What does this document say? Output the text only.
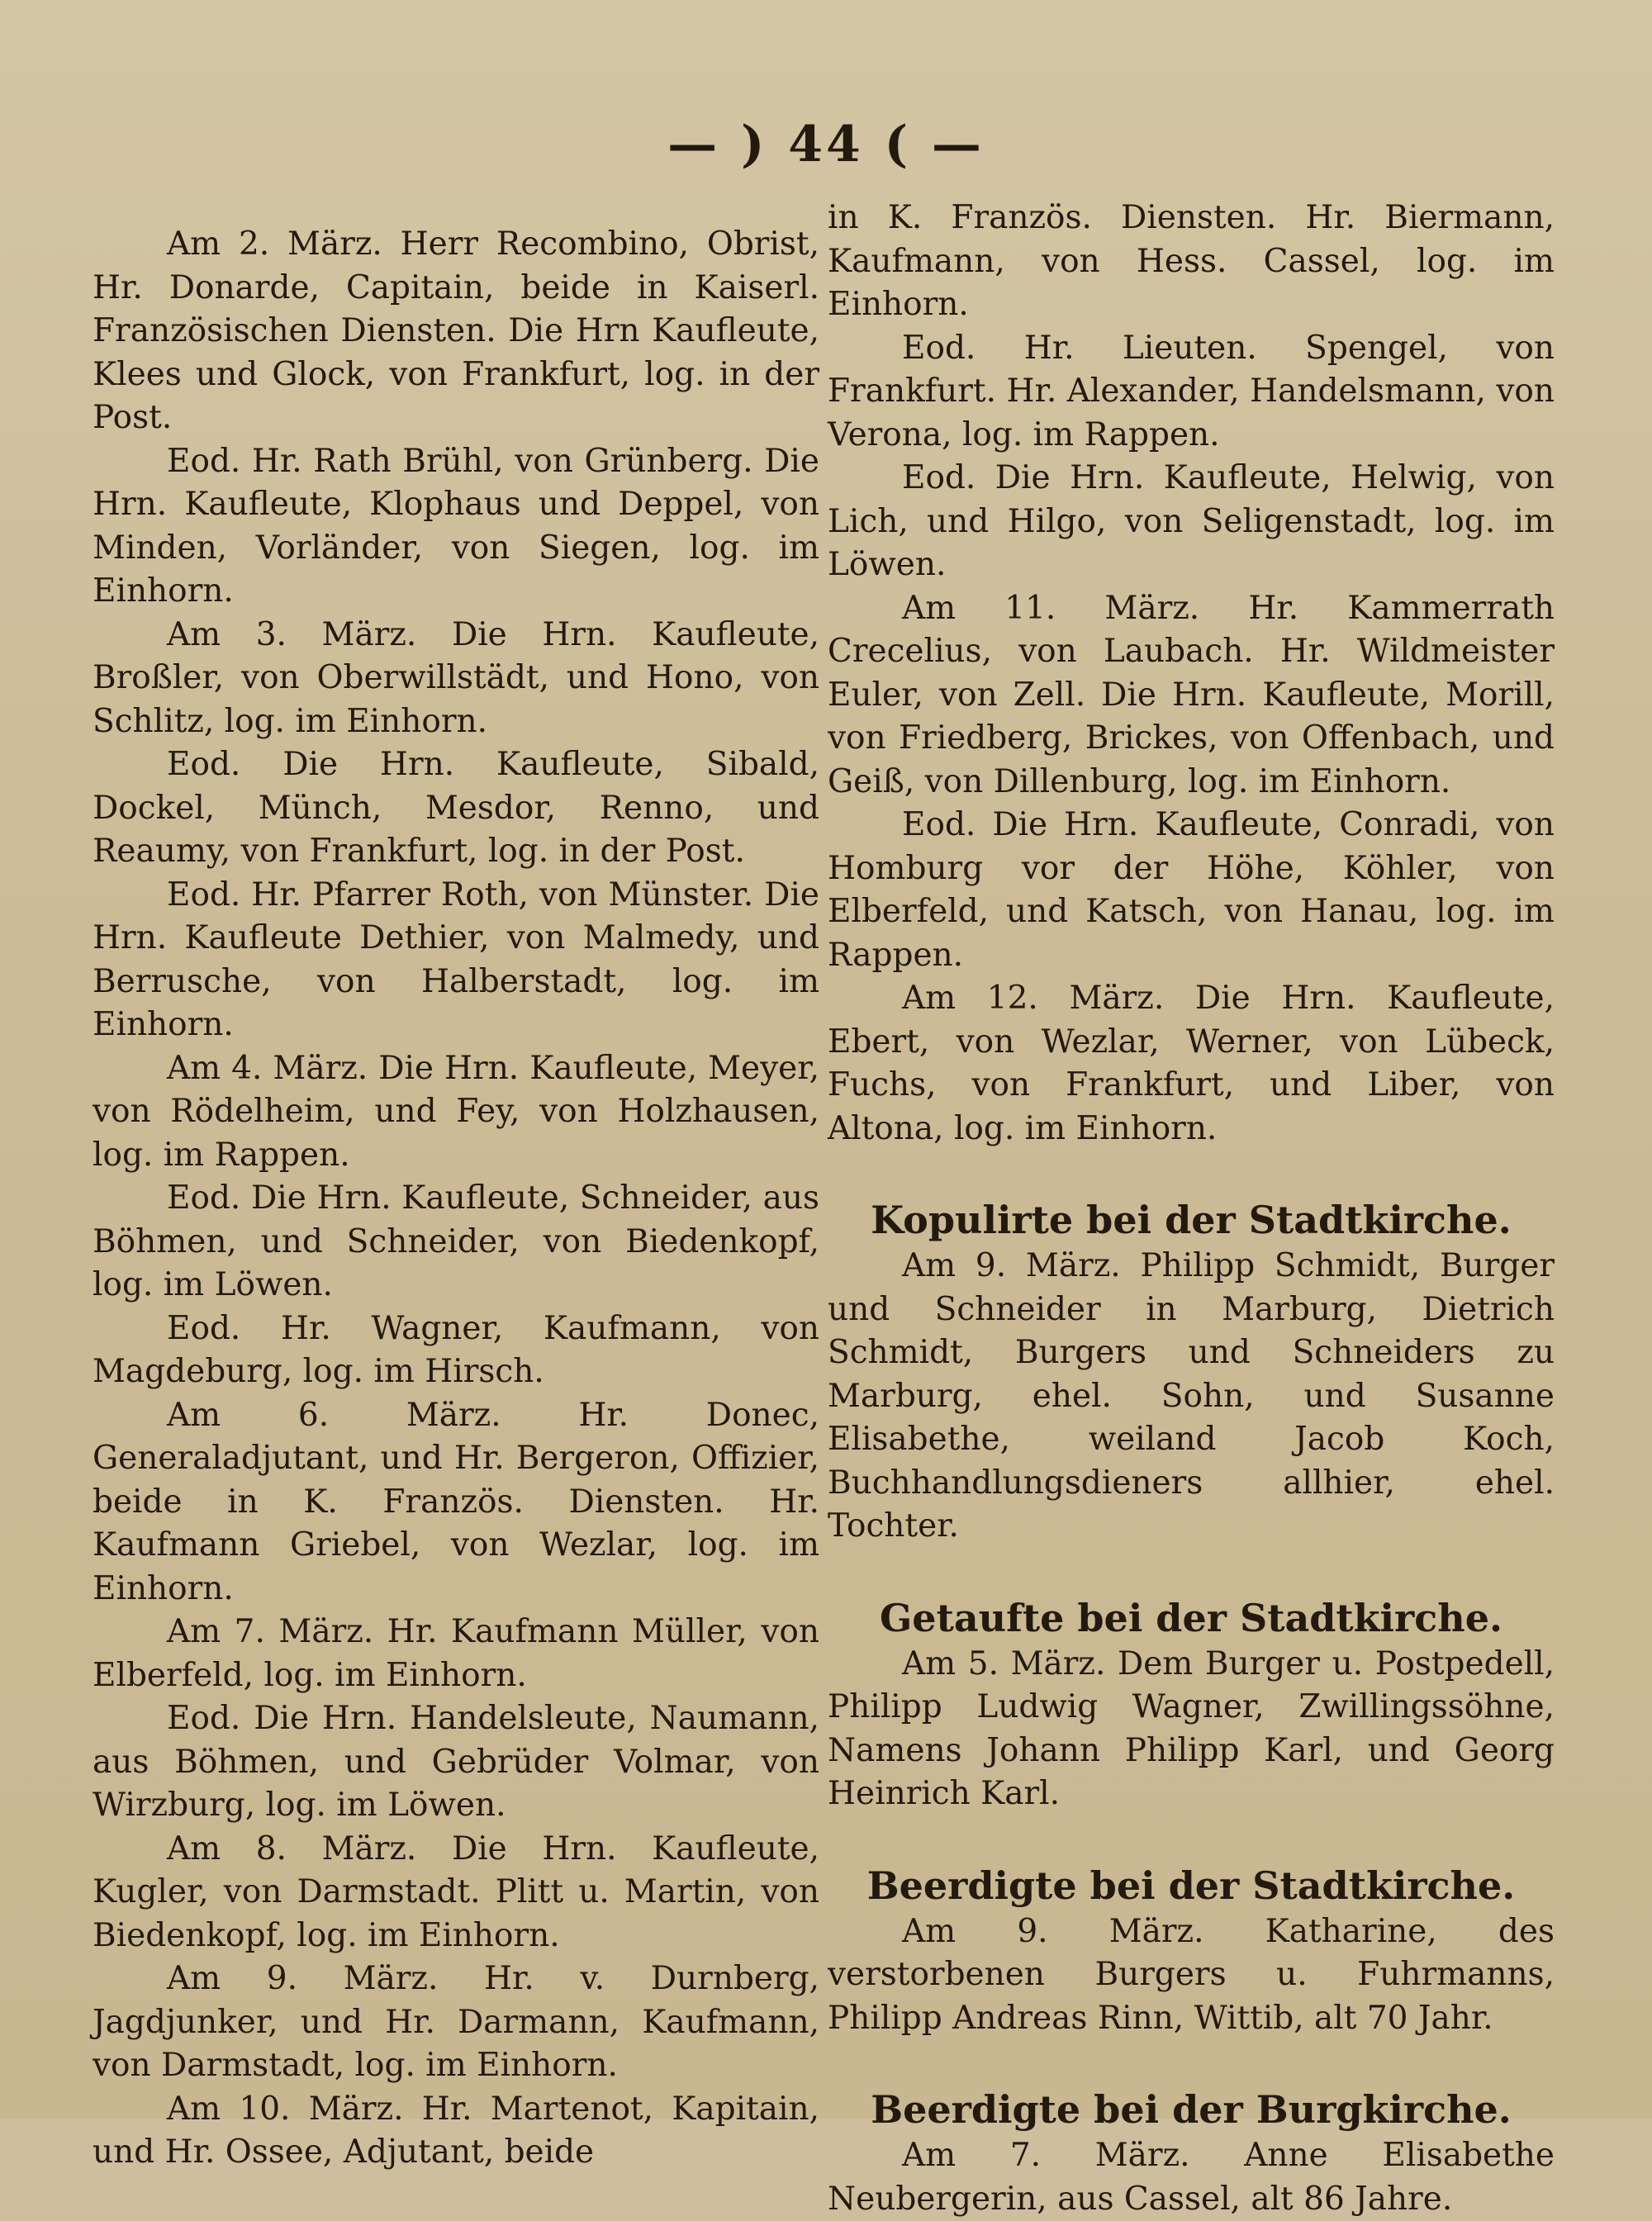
— ) 44 ( —

Am 2. März. Herr Recombino, Obrist, Hr. Donarde, Capitain, beide in Kaiserl. Französischen Diensten. Die Hrn Kaufleute, Klees und Glock, von Frankfurt, log. in der Post.

Eod. Hr. Rath Brühl, von Grünberg. Die Hrn. Kaufleute, Klophaus und Deppel, von Minden, Vorländer, von Siegen, log. im Einhorn.

Am 3. März. Die Hrn. Kaufleute, Broßler, von Oberwillstädt, und Hono, von Schlitz, log. im Einhorn.

Eod. Die Hrn. Kaufleute, Sibald, Dockel, Münch, Mesdor, Renno, und Reaumy, von Frankfurt, log. in der Post.

Eod. Hr. Pfarrer Roth, von Münster. Die Hrn. Kaufleute Dethier, von Malmedy, und Berrusche, von Halberstadt, log. im Einhorn.

Am 4. März. Die Hrn. Kaufleute, Meyer, von Rödelheim, und Fey, von Holzhausen, log. im Rappen.

Eod. Die Hrn. Kaufleute, Schneider, aus Böhmen, und Schneider, von Biedenkopf, log. im Löwen.

Eod. Hr. Wagner, Kaufmann, von Magdeburg, log. im Hirsch.

Am 6. März. Hr. Donec, Generaladjutant, und Hr. Bergeron, Offizier, beide in K. Französ. Diensten. Hr. Kaufmann Griebel, von Wezlar, log. im Einhorn.

Am 7. März. Hr. Kaufmann Müller, von Elberfeld, log. im Einhorn.

Eod. Die Hrn. Handelsleute, Naumann, aus Böhmen, und Gebrüder Volmar, von Wirzburg, log. im Löwen.

Am 8. März. Die Hrn. Kaufleute, Kugler, von Darmstadt. Plitt u. Martin, von Biedenkopf, log. im Einhorn.

Am 9. März. Hr. v. Durnberg, Jagdjunker, und Hr. Darmann, Kaufmann, von Darmstadt, log. im Einhorn.

Am 10. März. Hr. Martenot, Kapitain, und Hr. Ossee, Adjutant, beide

in K. Französ. Diensten. Hr. Biermann, Kaufmann, von Hess. Cassel, log. im Einhorn.

Eod. Hr. Lieuten. Spengel, von Frankfurt. Hr. Alexander, Handelsmann, von Verona, log. im Rappen.

Eod. Die Hrn. Kaufleute, Helwig, von Lich, und Hilgo, von Seligenstadt, log. im Löwen.

Am 11. März. Hr. Kammerrath Crecelius, von Laubach. Hr. Wildmeister Euler, von Zell. Die Hrn. Kaufleute, Morill, von Friedberg, Brickes, von Offenbach, und Geiß, von Dillenburg, log. im Einhorn.

Eod. Die Hrn. Kaufleute, Conradi, von Homburg vor der Höhe, Köhler, von Elberfeld, und Katsch, von Hanau, log. im Rappen.

Am 12. März. Die Hrn. Kaufleute, Ebert, von Wezlar, Werner, von Lübeck, Fuchs, von Frankfurt, und Liber, von Altona, log. im Einhorn.

Kopulirte bei der Stadtkirche.

Am 9. März. Philipp Schmidt, Burger und Schneider in Marburg, Dietrich Schmidt, Burgers und Schneiders zu Marburg, ehel. Sohn, und Susanne Elisabethe, weiland Jacob Koch, Buchhandlungsdieners allhier, ehel. Tochter.

Getaufte bei der Stadtkirche.

Am 5. März. Dem Burger u. Postpedell, Philipp Ludwig Wagner, Zwillingssöhne, Namens Johann Philipp Karl, und Georg Heinrich Karl.

Beerdigte bei der Stadtkirche.

Am 9. März. Katharine, des verstorbenen Burgers u. Fuhrmanns, Philipp Andreas Rinn, Wittib, alt 70 Jahr.

Beerdigte bei der Burgkirche.

Am 7. März. Anne Elisabethe Neubergerin, aus Cassel, alt 86 Jahre.
